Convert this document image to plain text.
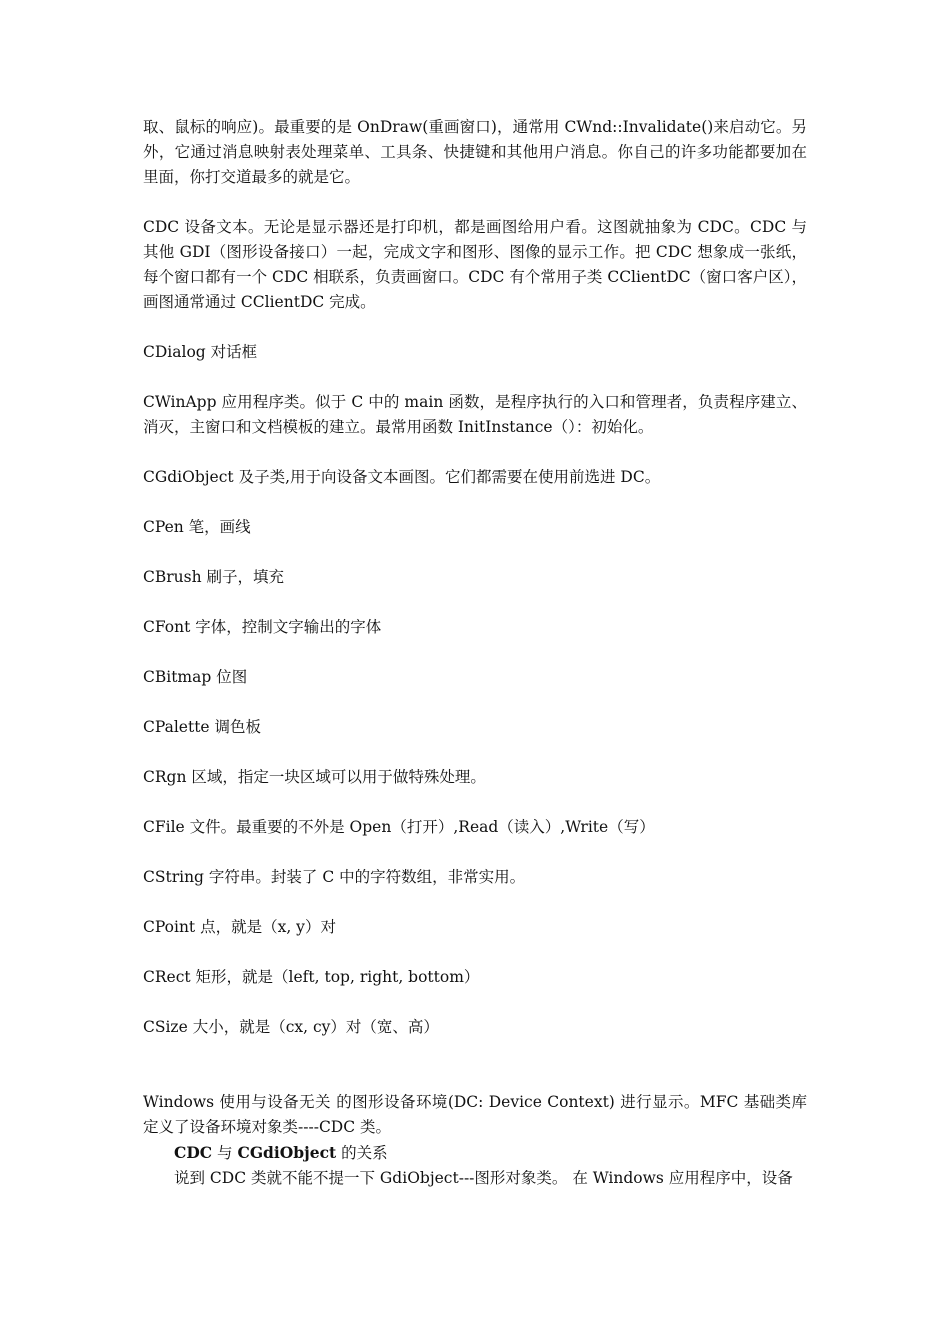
取、鼠标的响应)。最重要的是 OnDraw(重画窗口)，通常用 CWnd::Invalidate()来启动它。另外，它通过消息映射表处理菜单、工具条、快捷键和其他用户消息。你自己的许多功能都要加在里面，你打交道最多的就是它。

CDC 设备文本。无论是显示器还是打印机，都是画图给用户看。这图就抽象为 CDC。CDC 与其他 GDI（图形设备接口）一起，完成文字和图形、图像的显示工作。把 CDC 想象成一张纸，每个窗口都有一个 CDC 相联系，负责画窗口。CDC 有个常用子类 CClientDC（窗口客户区），画图通常通过 CClientDC 完成。

CDialog 对话框

CWinApp 应用程序类。似于 C 中的 main 函数，是程序执行的入口和管理者，负责程序建立、消灭，主窗口和文档模板的建立。最常用函数 InitInstance（）：初始化。

CGdiObject 及子类,用于向设备文本画图。它们都需要在使用前选进 DC。

CPen 笔，画线

CBrush 刷子，填充

CFont 字体，控制文字输出的字体

CBitmap 位图

CPalette 调色板

CRgn 区域，指定一块区域可以用于做特殊处理。

CFile 文件。最重要的不外是 Open（打开）,Read（读入）,Write（写）

CString 字符串。封装了 C 中的字符数组，非常实用。

CPoint 点，就是（x, y）对

CRect 矩形，就是（left, top, right, bottom）

CSize 大小，就是（cx, cy）对（宽、高）

Windows 使用与设备无关 的图形设备环境(DC: Device Context) 进行显示。MFC 基础类库定义了设备环境对象类----CDC 类。

CDC 与 CGdiObject 的关系

说到 CDC 类就不能不提一下 GdiObject---图形对象类。 在 Windows 应用程序中，设备
